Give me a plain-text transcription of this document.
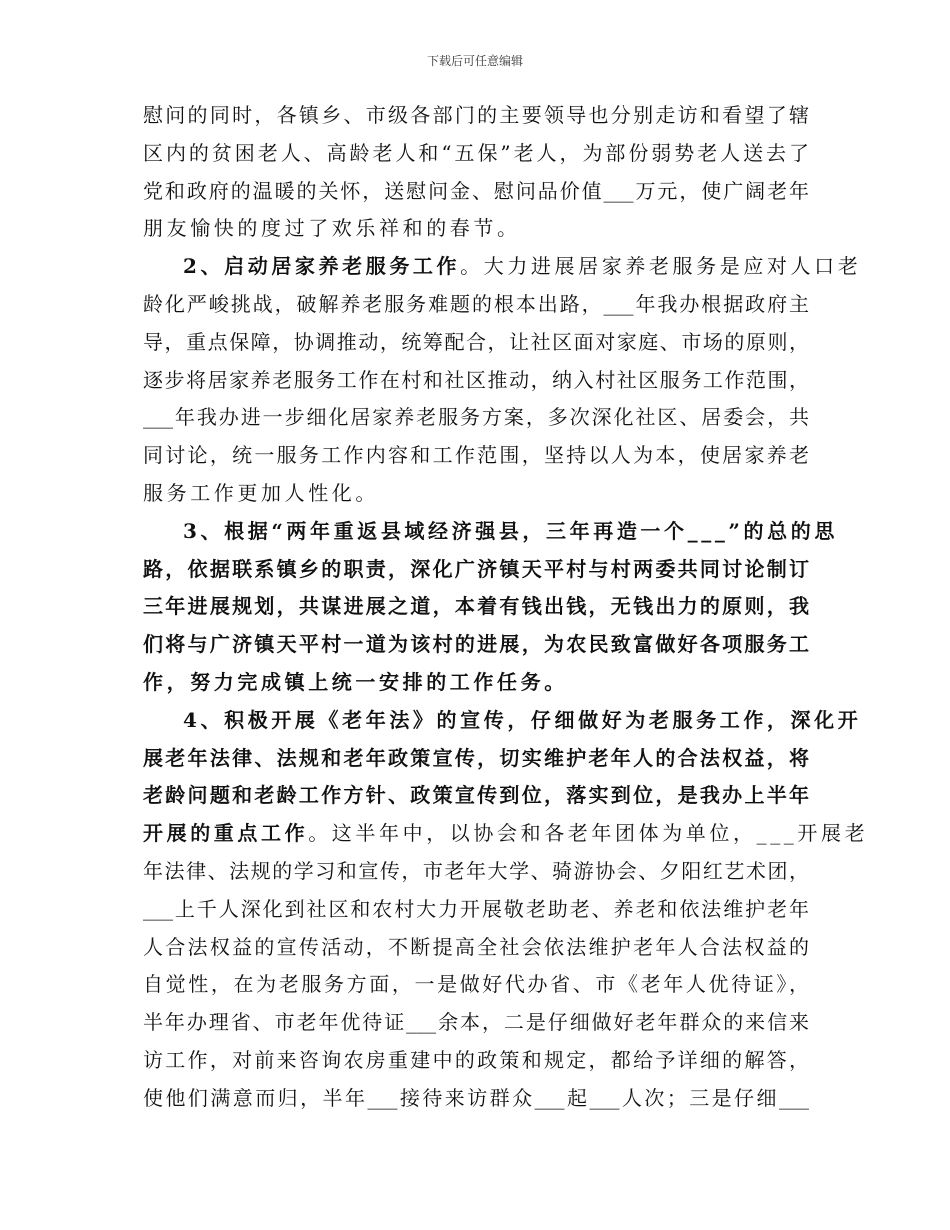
下载后可任意编辑
慰问的同时，各镇乡、市级各部门的主要领导也分别走访和看望了辖
区内的贫困老人、高龄老人和“五保”老人，为部份弱势老人送去了
党和政府的温暖的关怀，送慰问金、慰问品价值___万元，使广阔老年
朋友愉快的度过了欢乐祥和的春节。
2、启动居家养老服务工作。大力进展居家养老服务是应对人口老
龄化严峻挑战，破解养老服务难题的根本出路，___年我办根据政府主
导，重点保障，协调推动，统筹配合，让社区面对家庭、市场的原则，
逐步将居家养老服务工作在村和社区推动，纳入村社区服务工作范围，
___年我办进一步细化居家养老服务方案，多次深化社区、居委会，共
同讨论，统一服务工作内容和工作范围，坚持以人为本，使居家养老
服务工作更加人性化。
3、根据“两年重返县域经济强县，三年再造一个___”的总的思
路，依据联系镇乡的职责，深化广济镇天平村与村两委共同讨论制订
三年进展规划，共谋进展之道，本着有钱出钱，无钱出力的原则，我
们将与广济镇天平村一道为该村的进展，为农民致富做好各项服务工
作，努力完成镇上统一安排的工作任务。
4、积极开展《老年法》的宣传，仔细做好为老服务工作，深化开
展老年法律、法规和老年政策宣传，切实维护老年人的合法权益，将
老龄问题和老龄工作方针、政策宣传到位，落实到位，是我办上半年
开展的重点工作。这半年中，以协会和各老年团体为单位，___开展老
年法律、法规的学习和宣传，市老年大学、骑游协会、夕阳红艺术团，
___上千人深化到社区和农村大力开展敬老助老、养老和依法维护老年
人合法权益的宣传活动，不断提高全社会依法维护老年人合法权益的
自觉性，在为老服务方面，一是做好代办省、市《老年人优待证》，
半年办理省、市老年优待证___余本，二是仔细做好老年群众的来信来
访工作，对前来咨询农房重建中的政策和规定，都给予详细的解答，
使他们满意而归，半年___接待来访群众___起___人次；三是仔细___
